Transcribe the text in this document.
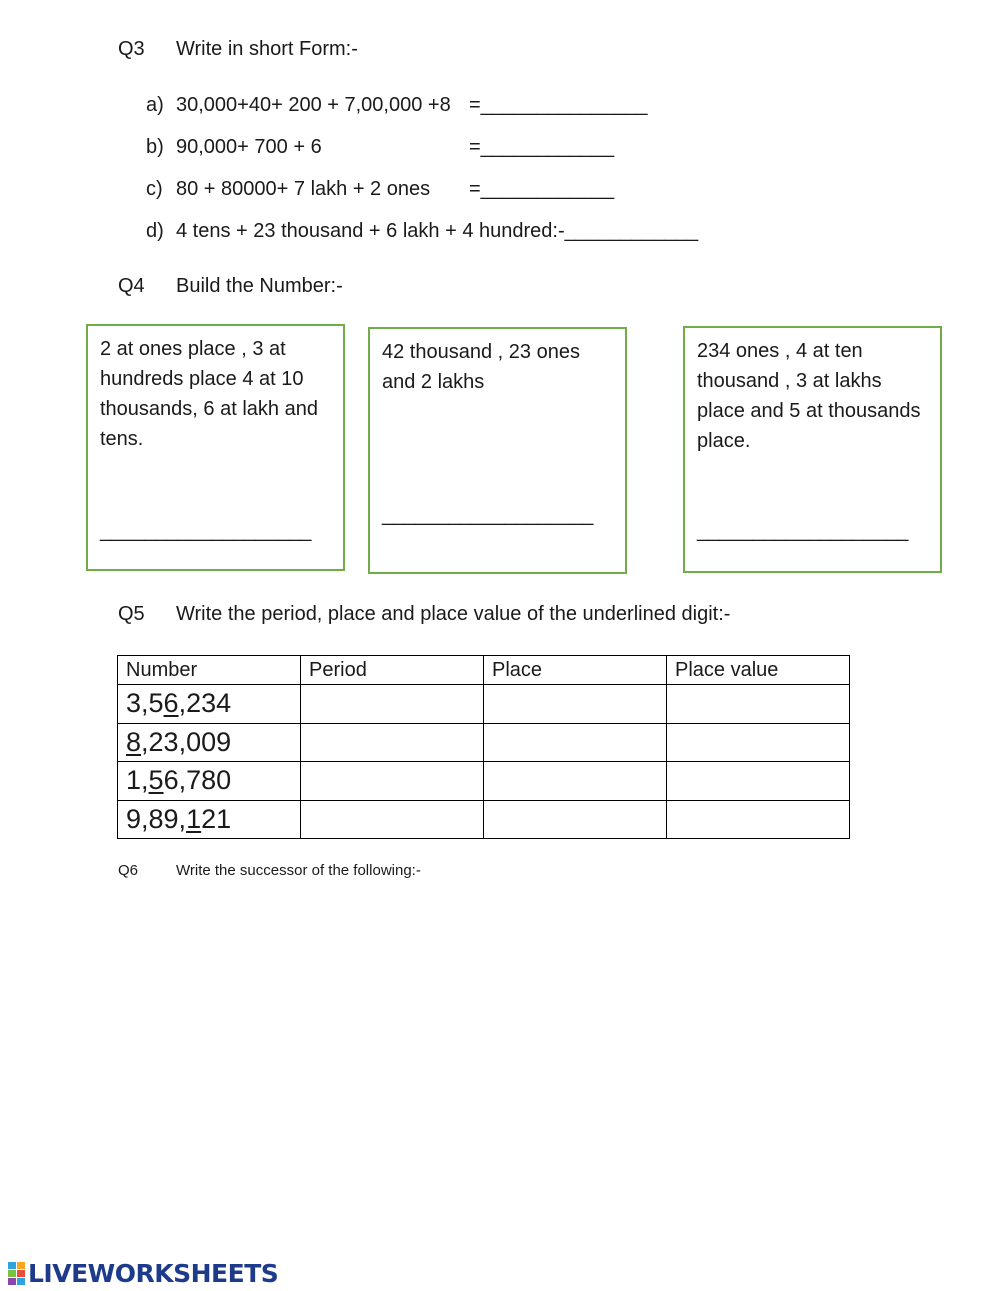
Q3 Write in short Form:-
a) 30,000+40+ 200 + 7,00,000 +8 =_______________
b) 90,000+ 700 + 6	=____________
c) 80 + 80000+ 7 lakh + 2 ones =____________
d) 4 tens + 23 thousand + 6 lakh + 4 hundred:-____________
Q4 Build the Number:-
2 at ones place , 3 at hundreds place 4 at 10 thousands, 6 at lakh and tens.
___________________
42 thousand , 23 ones and 2 lakhs
___________________
234 ones , 4 at ten thousand , 3 at lakhs place and 5 at thousands place.
___________________
Q5 Write the period, place and place value of the underlined digit:-
Number	Period	Place	Place value
3,56,234			
8,23,009			
1,56,780			
9,89,121			
Q6	Write the successor of the following:-
LIVEWORKSHEETS
